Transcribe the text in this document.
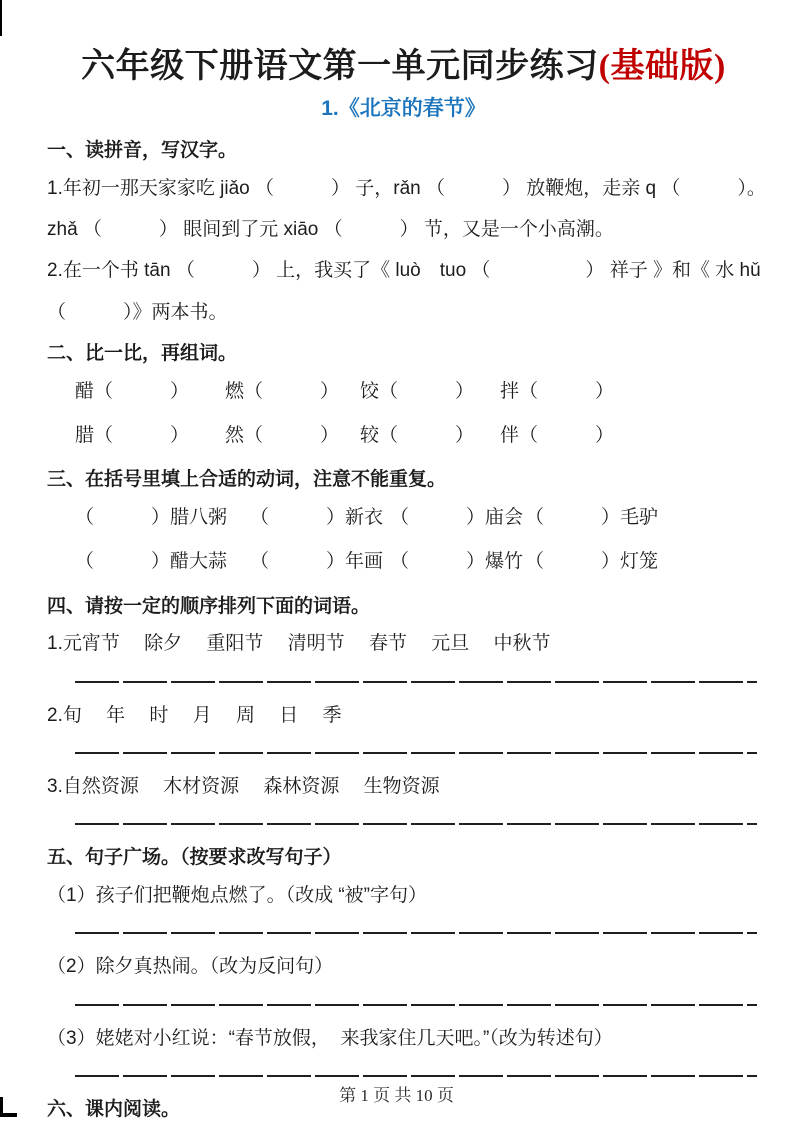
六年级下册语文第一单元同步练习(基础版)
1.《北京的春节》
一、读拼音，写汉字。

1.年初一那天家家吃 jiǎo （　　　） 子，rǎn （　　　） 放鞭炮，走亲 q （　　　）。

zhǎ （　　　） 眼间到了元 xiāo （　　　） 节，又是一个小高潮。

2.在一个书 tān （　　　） 上，我买了《 luò　tuo （　　　　　） 祥子 》和《 水 hǔ

（　　　）》两本书。

二、比一比，再组词。
醋（　　　）	燃（　　　）	饺（　　　）	拌（　　　）
腊（　　　）	然（　　　）	较（　　　）	伴（　　　）
三、在括号里填上合适的动词，注意不能重复。
（　　　）腊八粥	（　　　）新衣 （　　　）庙会 （　　　）毛驴
（　　　）醋大蒜	（　　　）年画 （　　　）爆竹 （　　　）灯笼
四、请按一定的顺序排列下面的词语。

1.元宵节　 除夕　 重阳节　 清明节　 春节　 元旦　 中秋节

2.旬　 年　 时　 月　 周　 日　 季

3.自然资源　 木材资源　 森林资源　 生物资源

五、句子广场。（按要求改写句子）

（1）孩子们把鞭炮点燃了。（改成 “被”字句）

（2）除夕真热闹。（改为反问句）

（3）姥姥对小红说：“春节放假，  来我家住几天吧。”（改为转述句）

六、课内阅读。
第 1 页 共 10 页
